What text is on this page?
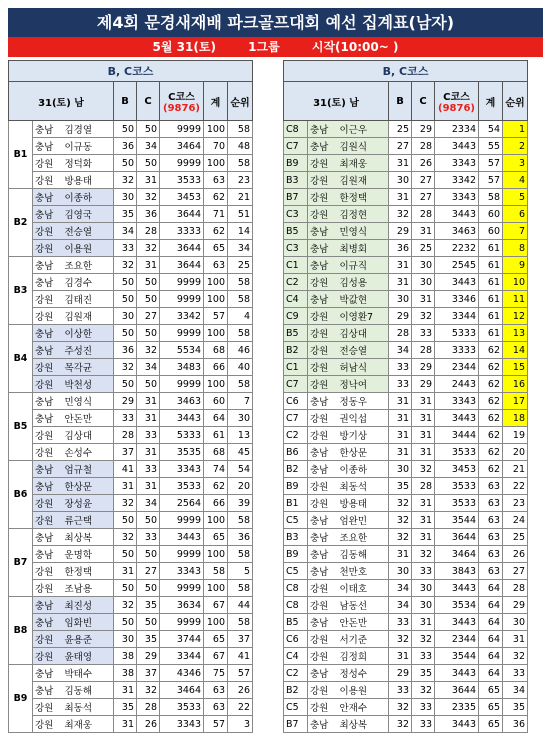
제4회 문경새재배 파크골프대회 예선 집계표(남자)
5월 31(토)	1그룹	시작(10:00~ )
B, C코스							
31(토) 남			B	C	C코스
(9876)	계	순위
B1	충남	김경열	50	50	9999	100	58
	충남	이규동	36	34	3464	70	48
	강원	정덕화	50	50	9999	100	58
	강원	방용태	32	31	3533	63	23
B2	충남	이종하	30	32	3453	62	21
	충남	김영국	35	36	3644	71	51
	강원	전승열	34	28	3333	62	14
	강원	이용원	33	32	3644	65	34
B3	충남	조요한	32	31	3644	63	25
	충남	김경수	50	50	9999	100	58
	강원	김태진	50	50	9999	100	58
	강원	김원재	30	27	3342	57	4
B4	충남	이상한	50	50	9999	100	58
	충남	주성진	36	32	5534	68	46
	강원	목각균	32	34	3483	66	40
	강원	박천성	50	50	9999	100	58
B5	충남	민영식	29	31	3463	60	7
	충남	안돈만	33	31	3443	64	30
	강원	김상대	28	33	5333	61	13
	강원	손성수	37	31	3535	68	45
B6	충남	엄규철	41	33	3343	74	54
	충남	한상문	31	31	3533	62	20
	강원	장성윤	32	34	2564	66	39
	강원	류근택	50	50	9999	100	58
B7	충남	최상복	32	33	3443	65	36
	충남	운명학	50	50	9999	100	58
	강원	한정택	31	27	3343	58	5
	강원	조남용	50	50	9999	100	58
B8	충남	최진성	32	35	3634	67	44
	충남	임화빈	50	50	9999	100	58
	강원	윤용준	30	35	3744	65	37
	강원	윤태영	38	29	3344	67	41
B9	충남	박태수	38	37	4346	75	57
	충남	김동해	31	32	3464	63	26
	강원	최동석	35	28	3533	63	22
	강원	최재웅	31	26	3343	57	3
B, C코스							
31(토) 남			B	C	C코스
(9876)	계	순위
C8	충남	이근우	25	29	2334	54	1
C7	충남	김원식	27	28	3443	55	2
B9	강원	최재웅	31	26	3343	57	3
B3	강원	김원재	30	27	3342	57	4
B7	강원	한정택	31	27	3343	58	5
C3	강원	김정현	32	28	3443	60	6
B5	충남	민영식	29	31	3463	60	7
C3	충남	최병회	36	25	2232	61	8
C1	충남	이규직	31	30	2545	61	9
C2	강원	김성용	31	30	3443	61	10
C4	충남	박값현	30	31	3346	61	11
C9	강원	이영환7	29	32	3344	61	12
B5	강원	김상대	28	33	5333	61	13
B2	강원	전승열	34	28	3333	62	14
C1	강원	허남식	33	29	2344	62	15
C7	강원	정낙여	33	29	2443	62	16
C6	충남	정동우	31	31	3343	62	17
C7	강원	권익섭	31	31	3443	62	18
C2	강원	방기상	31	31	3444	62	19
B6	충남	한상문	31	31	3533	62	20
B2	충남	이종하	30	32	3453	62	21
B9	강원	최동석	35	28	3533	63	22
B1	강원	방용태	32	31	3533	63	23
C5	충남	엄완민	32	31	3544	63	24
B3	충남	조요한	32	31	3644	63	25
B9	충남	김동해	31	32	3464	63	26
C5	충남	천만호	30	33	3843	63	27
C8	강원	이태호	34	30	3443	64	28
C8	강원	남동선	34	30	3534	64	29
B5	충남	안돈만	33	31	3443	64	30
C6	강원	서기준	32	32	2344	64	31
C4	강원	김정희	31	33	3544	64	32
C2	충남	정성수	29	35	3443	64	33
B2	강원	이용원	33	32	3644	65	34
C5	강원	안재수	32	33	2335	65	35
B7	충남	최상복	32	33	3443	65	36
